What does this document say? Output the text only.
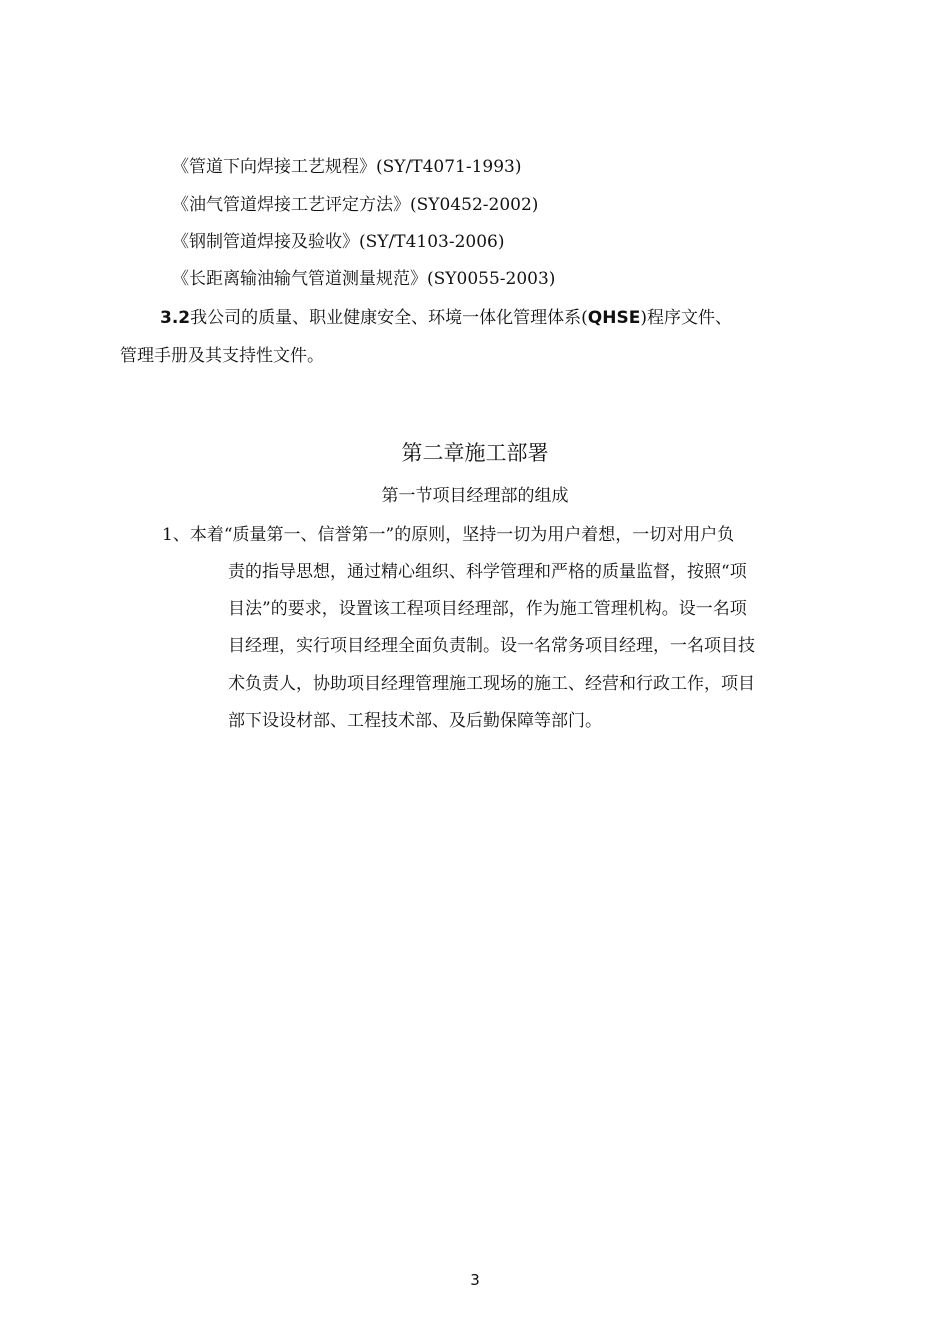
《管道下向焊接工艺规程》(SY/T4071-1993)
《油气管道焊接工艺评定方法》(SY0452-2002)
《钢制管道焊接及验收》(SY/T4103-2006)
《长距离输油输气管道测量规范》(SY0055-2003)
3.2我公司的质量、职业健康安全、环境一体化管理体系(QHSE)程序文件、
管理手册及其支持性文件。
第二章施工部署
第一节项目经理部的组成
1、本着“质量第一、信誉第一”的原则，坚持一切为用户着想，一切对用户负
责的指导思想，通过精心组织、科学管理和严格的质量监督，按照“项
目法”的要求，设置该工程项目经理部，作为施工管理机构。设一名项
目经理，实行项目经理全面负责制。设一名常务项目经理，一名项目技
术负责人，协助项目经理管理施工现场的施工、经营和行政工作，项目
部下设设材部、工程技术部、及后勤保障等部门。
3
